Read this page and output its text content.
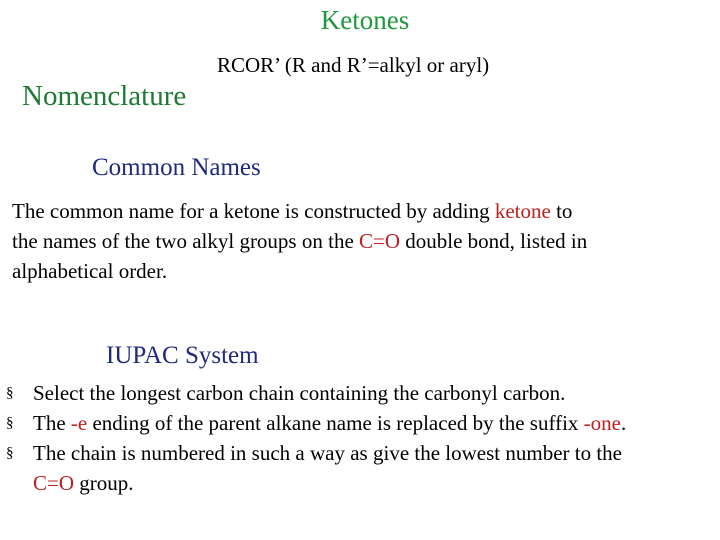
Ketones
RCOR’ (R and R’=alkyl or aryl)
Nomenclature
Common Names
The common name for a ketone is constructed by adding ketone to
the names of the two alkyl groups on the C=O double bond, listed in
alphabetical order.
IUPAC System
§ Select the longest carbon chain containing the carbonyl carbon.
§ The -e ending of the parent alkane name is replaced by the suffix -one.
§ The chain is numbered in such a way as give the lowest number to the
C=O group.
